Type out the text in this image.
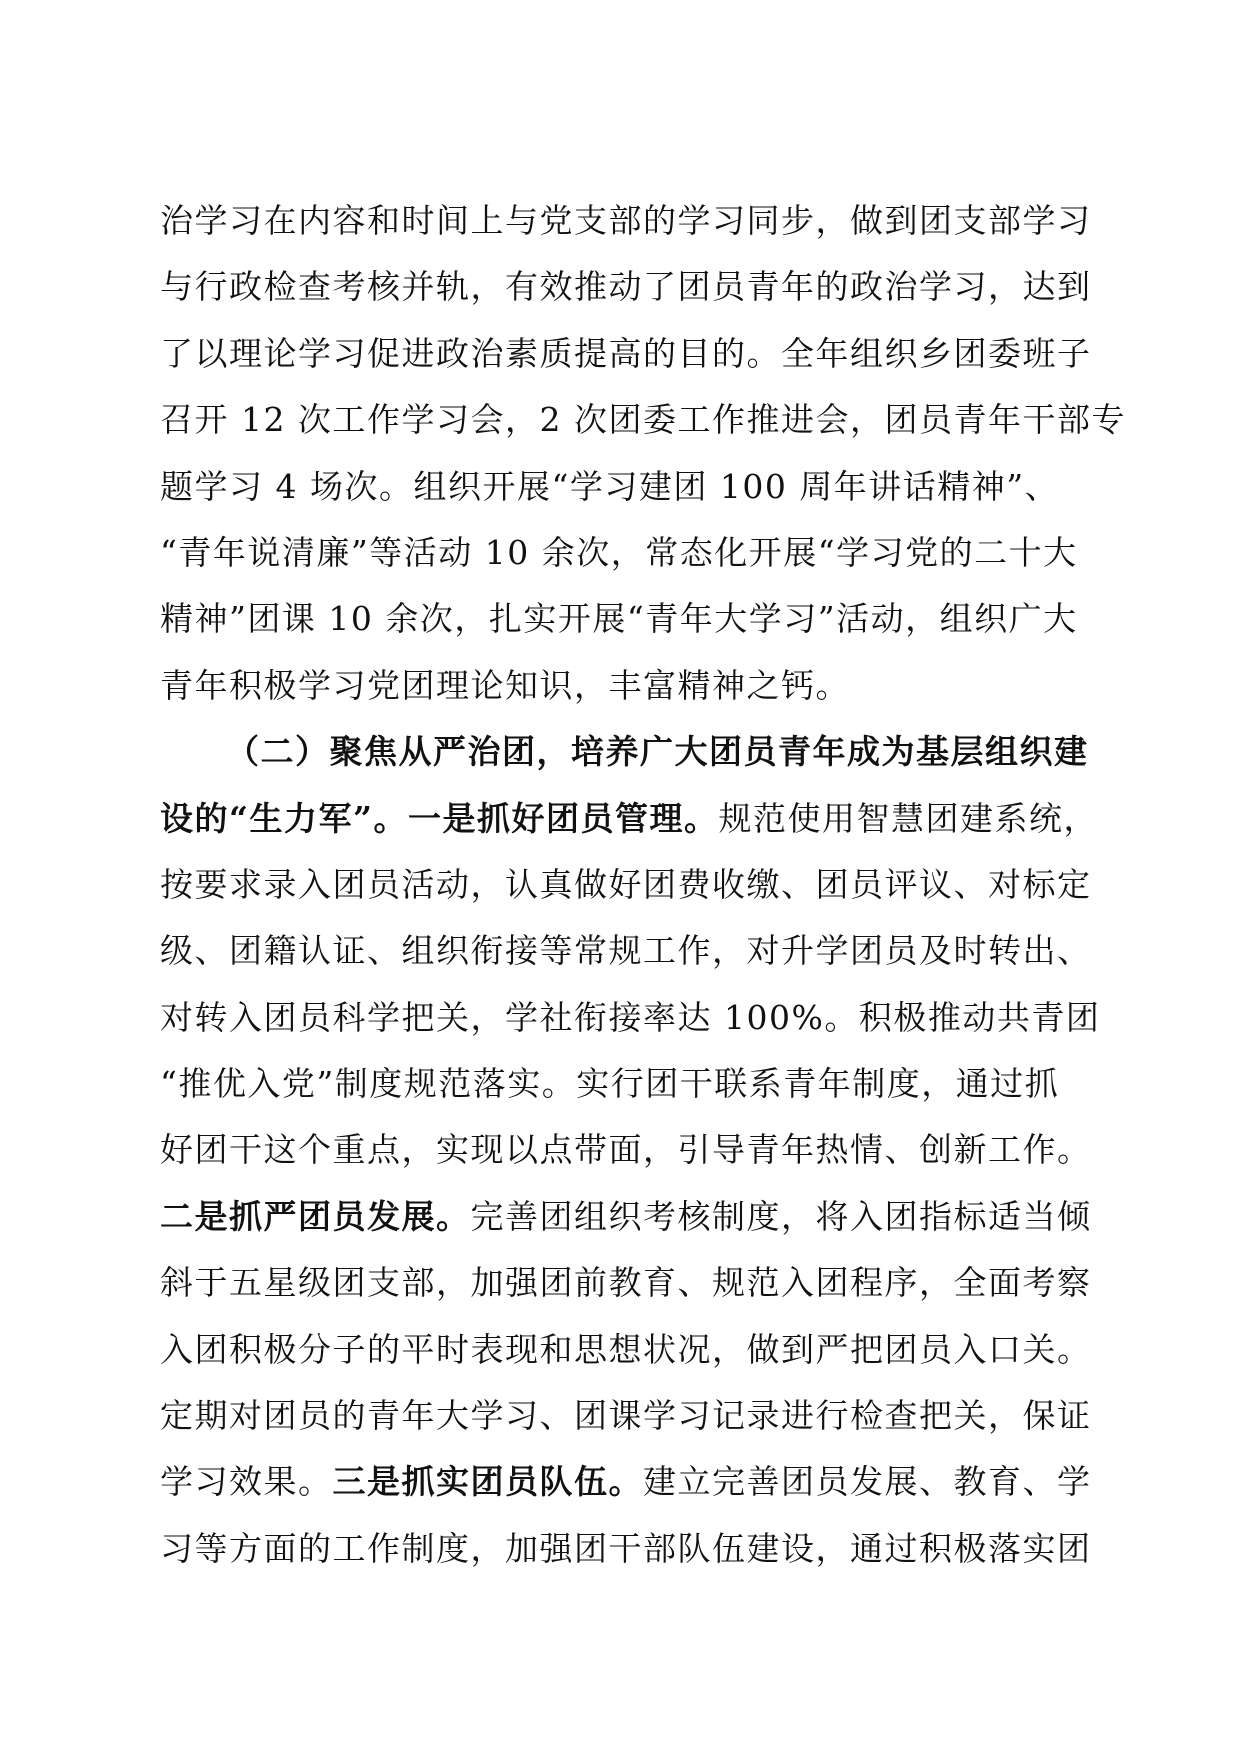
治学习在内容和时间上与党支部的学习同步，做到团支部学习
与行政检查考核并轨，有效推动了团员青年的政治学习，达到
了以理论学习促进政治素质提高的目的。全年组织乡团委班子
召开 12 次工作学习会，2 次团委工作推进会，团员青年干部专
题学习 4 场次。组织开展“学习建团 100 周年讲话精神”、
“青年说清廉”等活动 10 余次，常态化开展“学习党的二十大
精神”团课 10 余次，扎实开展“青年大学习”活动，组织广大
青年积极学习党团理论知识，丰富精神之钙。
（二）聚焦从严治团，培养广大团员青年成为基层组织建
设的“生力军”。一是抓好团员管理。规范使用智慧团建系统，
按要求录入团员活动，认真做好团费收缴、团员评议、对标定
级、团籍认证、组织衔接等常规工作，对升学团员及时转出、
对转入团员科学把关，学社衔接率达 100%。积极推动共青团
“推优入党”制度规范落实。实行团干联系青年制度，通过抓
好团干这个重点，实现以点带面，引导青年热情、创新工作。
二是抓严团员发展。完善团组织考核制度，将入团指标适当倾
斜于五星级团支部，加强团前教育、规范入团程序，全面考察
入团积极分子的平时表现和思想状况，做到严把团员入口关。
定期对团员的青年大学习、团课学习记录进行检查把关，保证
学习效果。三是抓实团员队伍。建立完善团员发展、教育、学
习等方面的工作制度，加强团干部队伍建设，通过积极落实团
